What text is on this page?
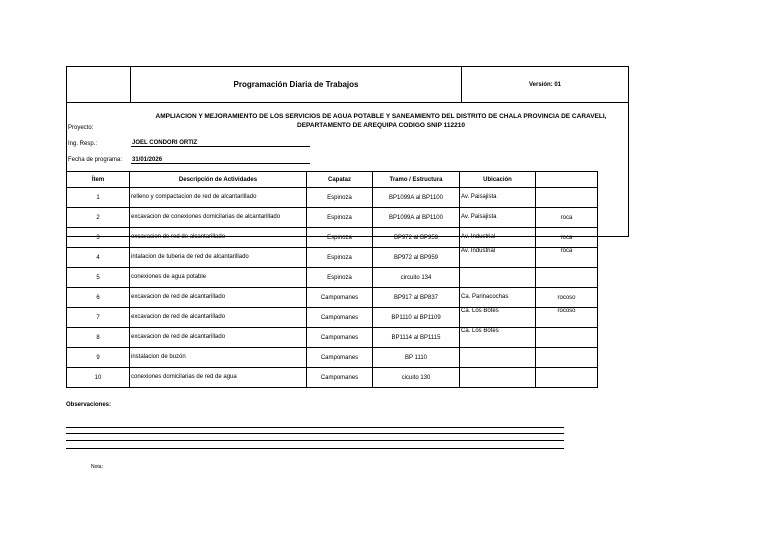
Programación Diaria de Trabajos	Versión: 01
AMPLIACION Y MEJORAMIENTO DE LOS SERVICIOS DE AGUA POTABLE Y SANEAMIENTO DEL DISTRITO DE CHALA PROVINCIA DE CARAVELI, DEPARTAMENTO DE AREQUIPA CODIGO SNIP 112210
Proyecto:
Ing. Resp.:	JOEL CONDORI ORTIZ
Fecha de programa: 31/01/2026
Ítem	Descripción de Actividades	Capataz	Tramo / Estructura	Ubicación	
1	relleno y compactacion de red de alcantarillado	Espinoza	BP1099A al BP1100	Av. Paisajista	
2	excavacion de conexiones domicilarias de alcantarillado	Espinoza	BP1099A al BP1100	Av. Paisajista	roca
3	excavacion de red de alcantarillado	Espinoza	BP972 al BP959	Av. Industrial	roca
4	intalacion de tuberia de red de alcantarillado	Espinoza	BP972 al BP959	Av. Industrial	roca
5	conexiones de agua potable	Espinoza	circuito 134		
6	excavacion de red de alcantarillado	Campomanes	BP917 al BP837	Ca. Parinacochas	rocoso
7	excavacion de red de alcantarillado	Campomanes	BP1110 al BP1109	Ca. Los Botes	rocoso
8	excavacion de red de alcantarillado	Campomanes	BP1114 al BP1115	Ca. Los Botes	
9	instalacion de buzón	Campomanes	BP 1110		
10	conexiones domicilarias de red de agua	Campomanes	cicuito 130		
Observaciones:
Nota:
